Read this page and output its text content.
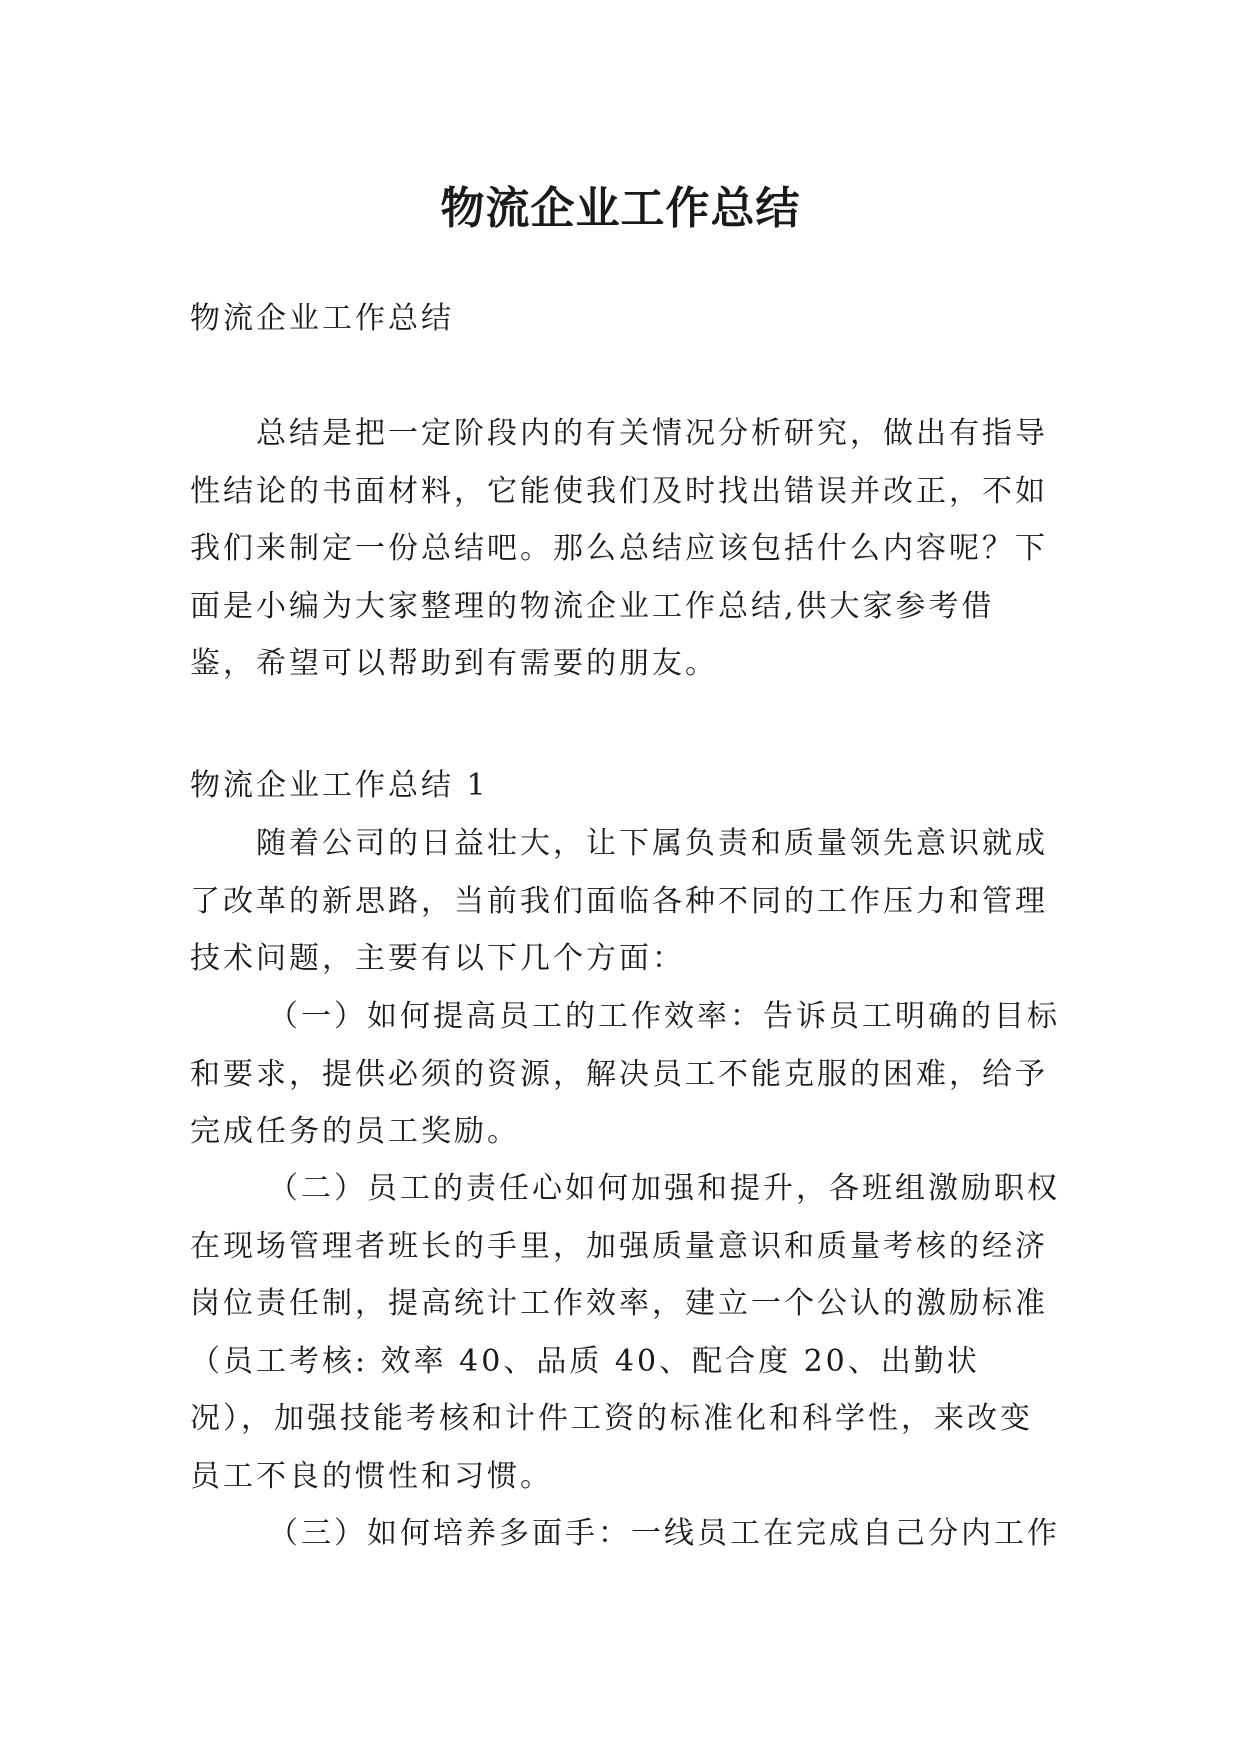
物流企业工作总结

物流企业工作总结

总结是把一定阶段内的有关情况分析研究，做出有指导性结论的书面材料，它能使我们及时找出错误并改正，不如我们来制定一份总结吧。那么总结应该包括什么内容呢？下面是小编为大家整理的物流企业工作总结,供大家参考借鉴，希望可以帮助到有需要的朋友。

物流企业工作总结 1

随着公司的日益壮大，让下属负责和质量领先意识就成了改革的新思路，当前我们面临各种不同的工作压力和管理技术问题，主要有以下几个方面：

（一）如何提高员工的工作效率：告诉员工明确的目标和要求，提供必须的资源，解决员工不能克服的困难，给予完成任务的员工奖励。

（二）员工的责任心如何加强和提升，各班组激励职权在现场管理者班长的手里，加强质量意识和质量考核的经济岗位责任制，提高统计工作效率，建立一个公认的激励标准（员工考核: 效率 40、品质 40、配合度 20、出勤状况），加强技能考核和计件工资的标准化和科学性，来改变员工不良的惯性和习惯。

（三）如何培养多面手：一线员工在完成自己分内工作
